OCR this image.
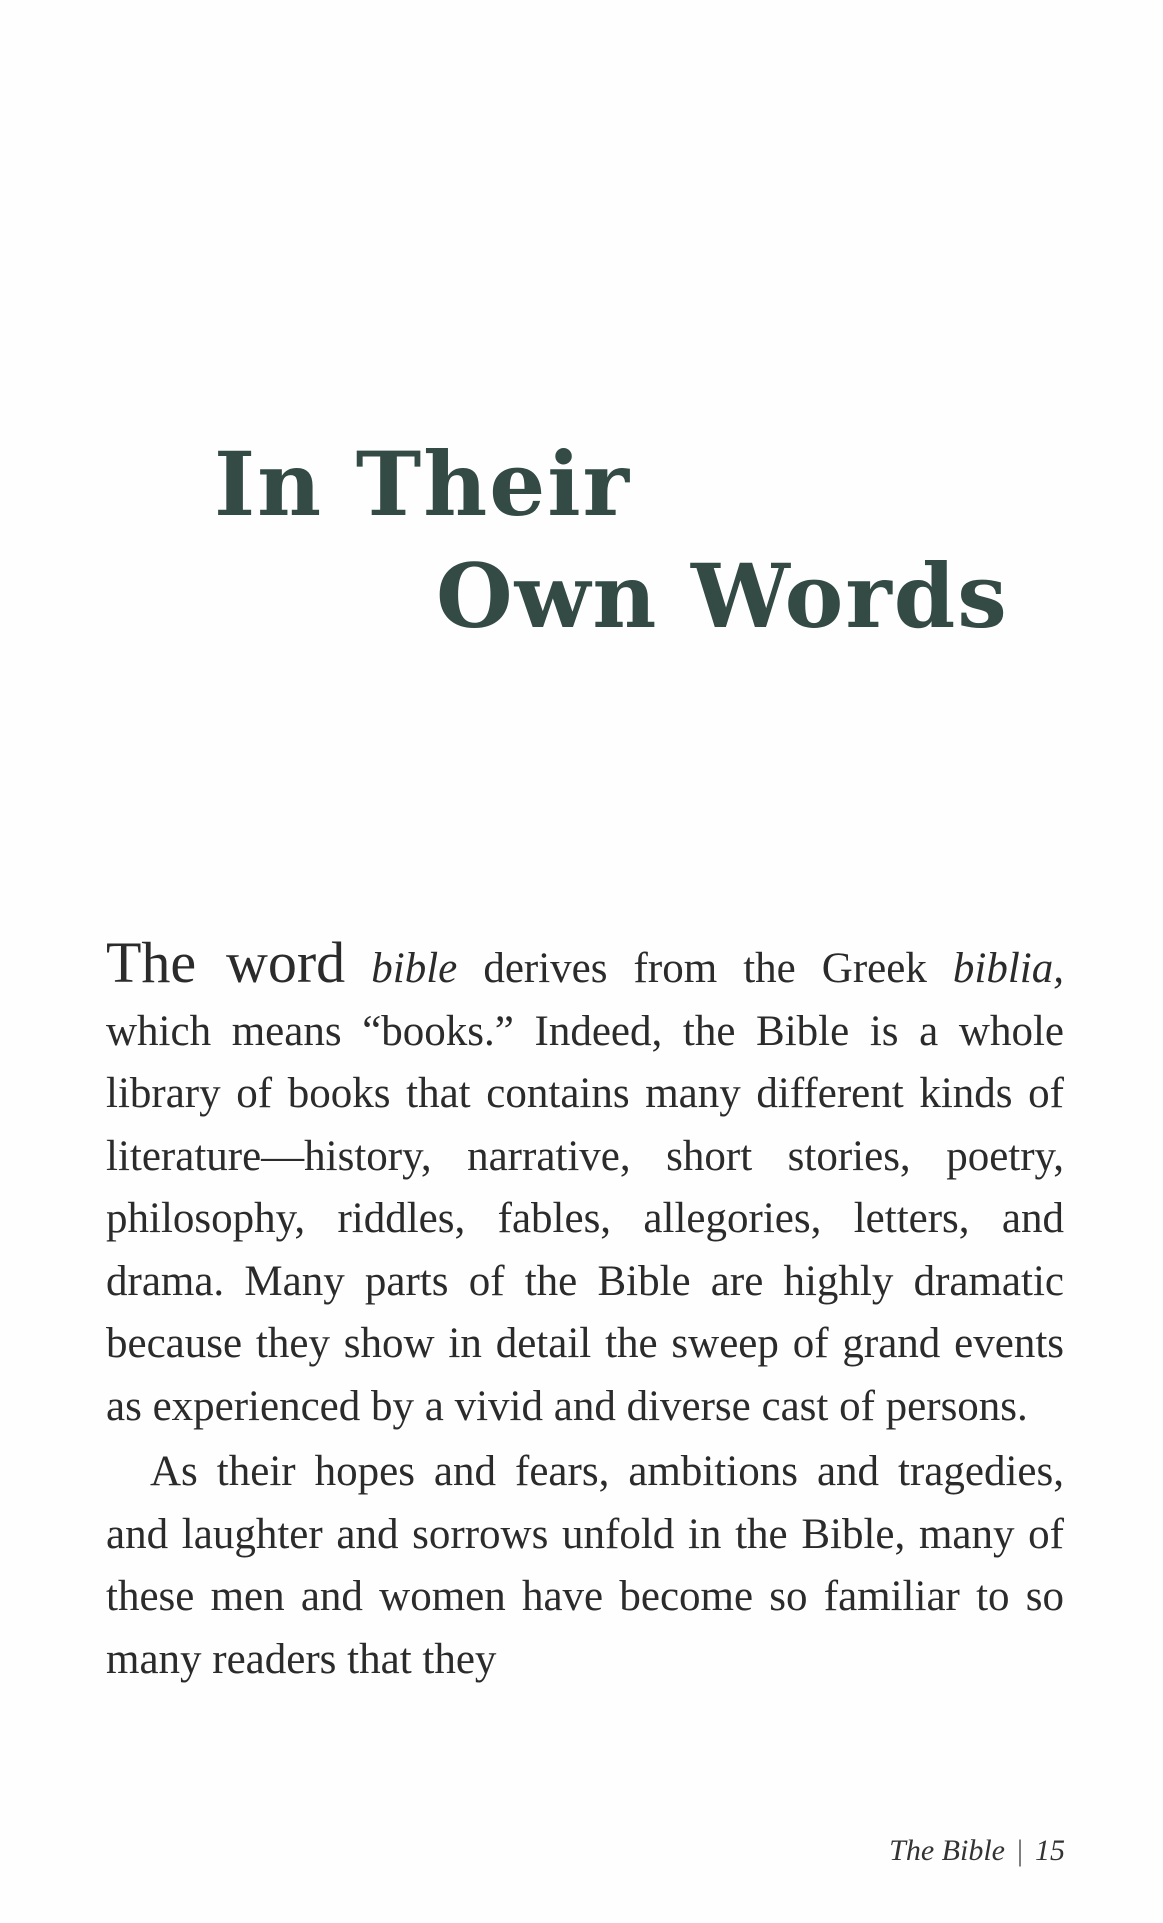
In Their
Own Words

The word bible derives from the Greek biblia, which means “books.” Indeed, the Bible is a whole library of books that contains many different kinds of literature—history, narrative, short stories, poetry, philosophy, riddles, fables, allegories, letters, and drama. Many parts of the Bible are highly dramatic because they show in detail the sweep of grand events as experienced by a vivid and diverse cast of persons.

As their hopes and fears, ambitions and tragedies, and laughter and sorrows unfold in the Bible, many of these men and women have become so familiar to so many readers that they

The Bible | 15
